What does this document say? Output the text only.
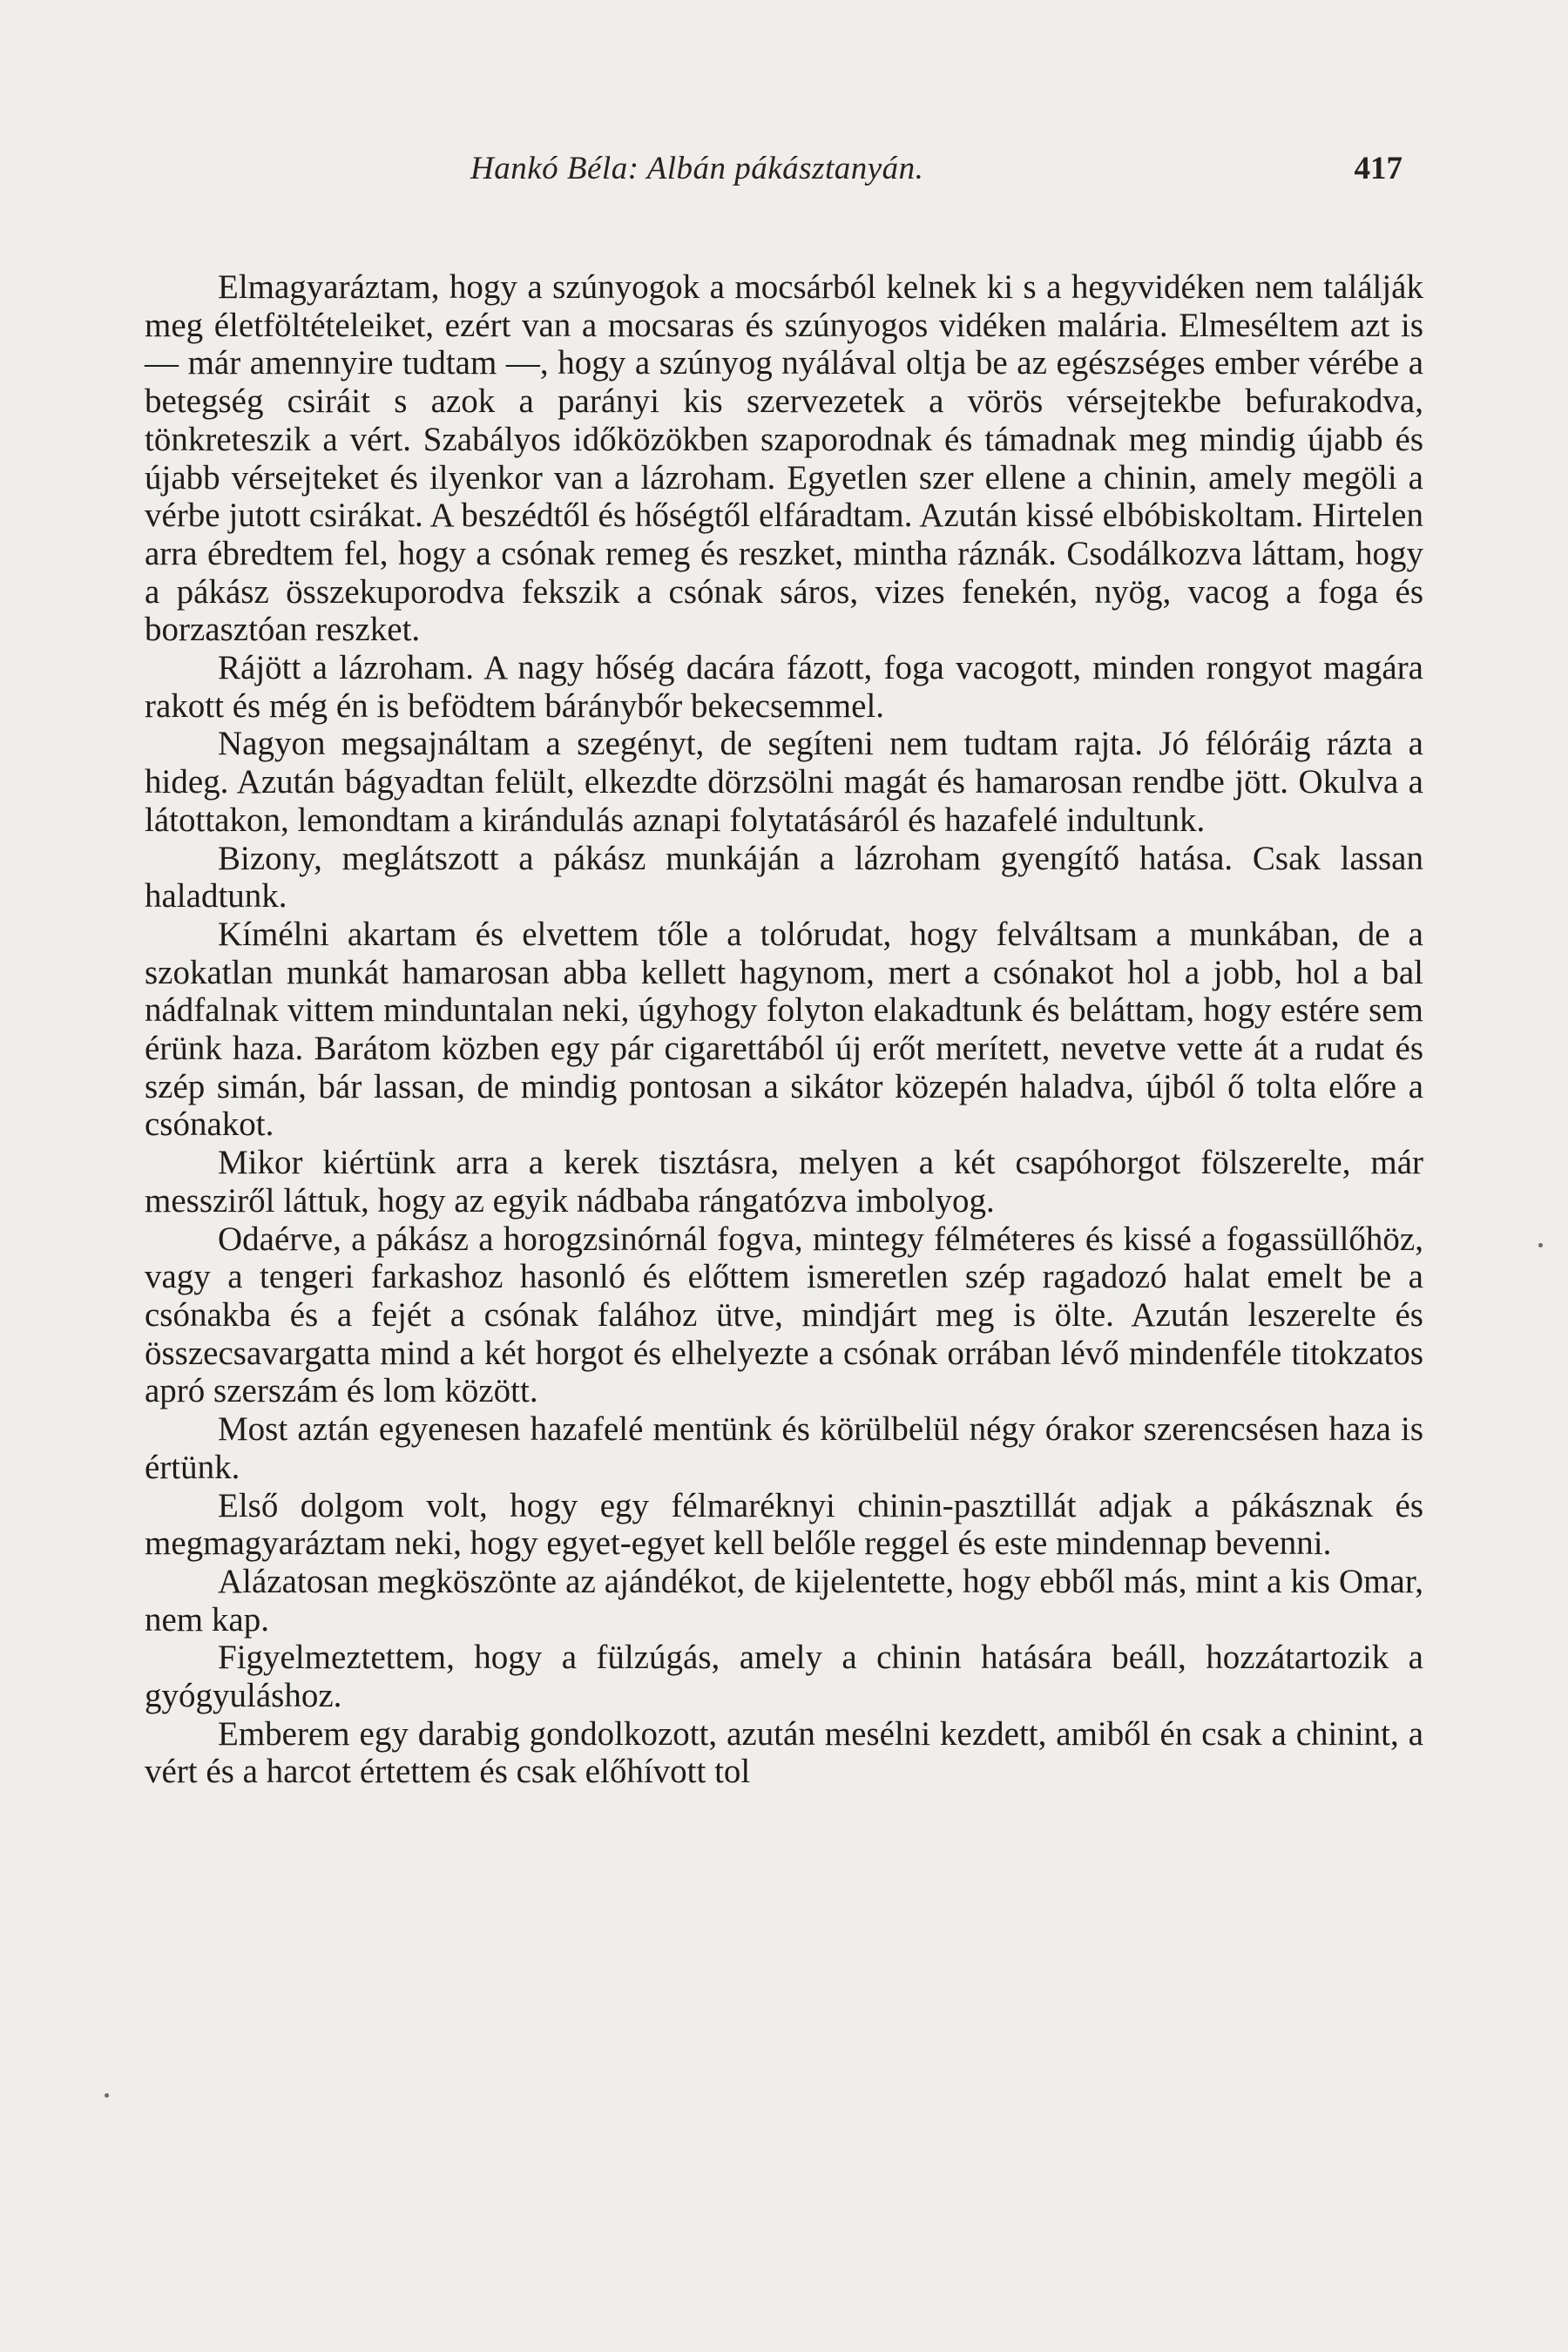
Hankó Béla: Albán pákásztanyán.	417

Elmagyaráztam, hogy a szúnyogok a mocsárból kelnek ki s a hegyvidéken nem találják meg életföltételeiket, ezért van a mocsaras és szúnyogos vidéken malária. Elmeséltem azt is — már amennyire tudtam —, hogy a szúnyog nyálával oltja be az egészséges ember vérébe a betegség csiráit s azok a parányi kis szervezetek a vörös vérsejtekbe befurakodva, tönkreteszik a vért. Szabályos időközökben szaporodnak és támadnak meg mindig újabb és újabb vérsejteket és ilyenkor van a lázroham. Egyetlen szer ellene a chinin, amely megöli a vérbe jutott csirákat. A beszédtől és hőségtől elfáradtam. Azután kissé elbóbiskoltam. Hirtelen arra ébredtem fel, hogy a csónak remeg és reszket, mintha ráznák. Csodálkozva láttam, hogy a pákász összekuporodva fekszik a csónak sáros, vizes fenekén, nyög, vacog a foga és borzasztóan reszket.

Rájött a lázroham. A nagy hőség dacára fázott, foga vacogott, minden rongyot magára rakott és még én is befödtem báránybőr bekecsemmel.

Nagyon megsajnáltam a szegényt, de segíteni nem tudtam rajta. Jó félóráig rázta a hideg. Azután bágyadtan felült, elkezdte dörzsölni magát és hamarosan rendbe jött. Okulva a látottakon, lemondtam a kirándulás aznapi folytatásáról és hazafelé indultunk.

Bizony, meglátszott a pákász munkáján a lázroham gyengítő hatása. Csak lassan haladtunk.

Kímélni akartam és elvettem tőle a tolórudat, hogy felváltsam a munkában, de a szokatlan munkát hamarosan abba kellett hagynom, mert a csónakot hol a jobb, hol a bal nádfalnak vittem minduntalan neki, úgyhogy folyton elakadtunk és beláttam, hogy estére sem érünk haza. Barátom közben egy pár cigarettából új erőt merített, nevetve vette át a rudat és szép simán, bár lassan, de mindig pontosan a sikátor közepén haladva, újból ő tolta előre a csónakot.

Mikor kiértünk arra a kerek tisztásra, melyen a két csapóhorgot fölszerelte, már messziről láttuk, hogy az egyik nádbaba rángatózva imbolyog.

Odaérve, a pákász a horogzsinórnál fogva, mintegy félméteres és kissé a fogassüllőhöz, vagy a tengeri farkashoz hasonló és előttem ismeretlen szép ragadozó halat emelt be a csónakba és a fejét a csónak falához ütve, mindjárt meg is ölte. Azután leszerelte és összecsavargatta mind a két horgot és elhelyezte a csónak orrában lévő mindenféle titokzatos apró szerszám és lom között.

Most aztán egyenesen hazafelé mentünk és körülbelül négy órakor szerencsésen haza is értünk.

Első dolgom volt, hogy egy félmaréknyi chinin-pasztillát adjak a pákásznak és megmagyaráztam neki, hogy egyet-egyet kell belőle reggel és este mindennap bevenni.

Alázatosan megköszönte az ajándékot, de kijelentette, hogy ebből más, mint a kis Omar, nem kap.

Figyelmeztettem, hogy a fülzúgás, amely a chinin hatására beáll, hozzátartozik a gyógyuláshoz.

Emberem egy darabig gondolkozott, azután mesélni kezdett, amiből én csak a chinint, a vért és a harcot értettem és csak előhívott tol
